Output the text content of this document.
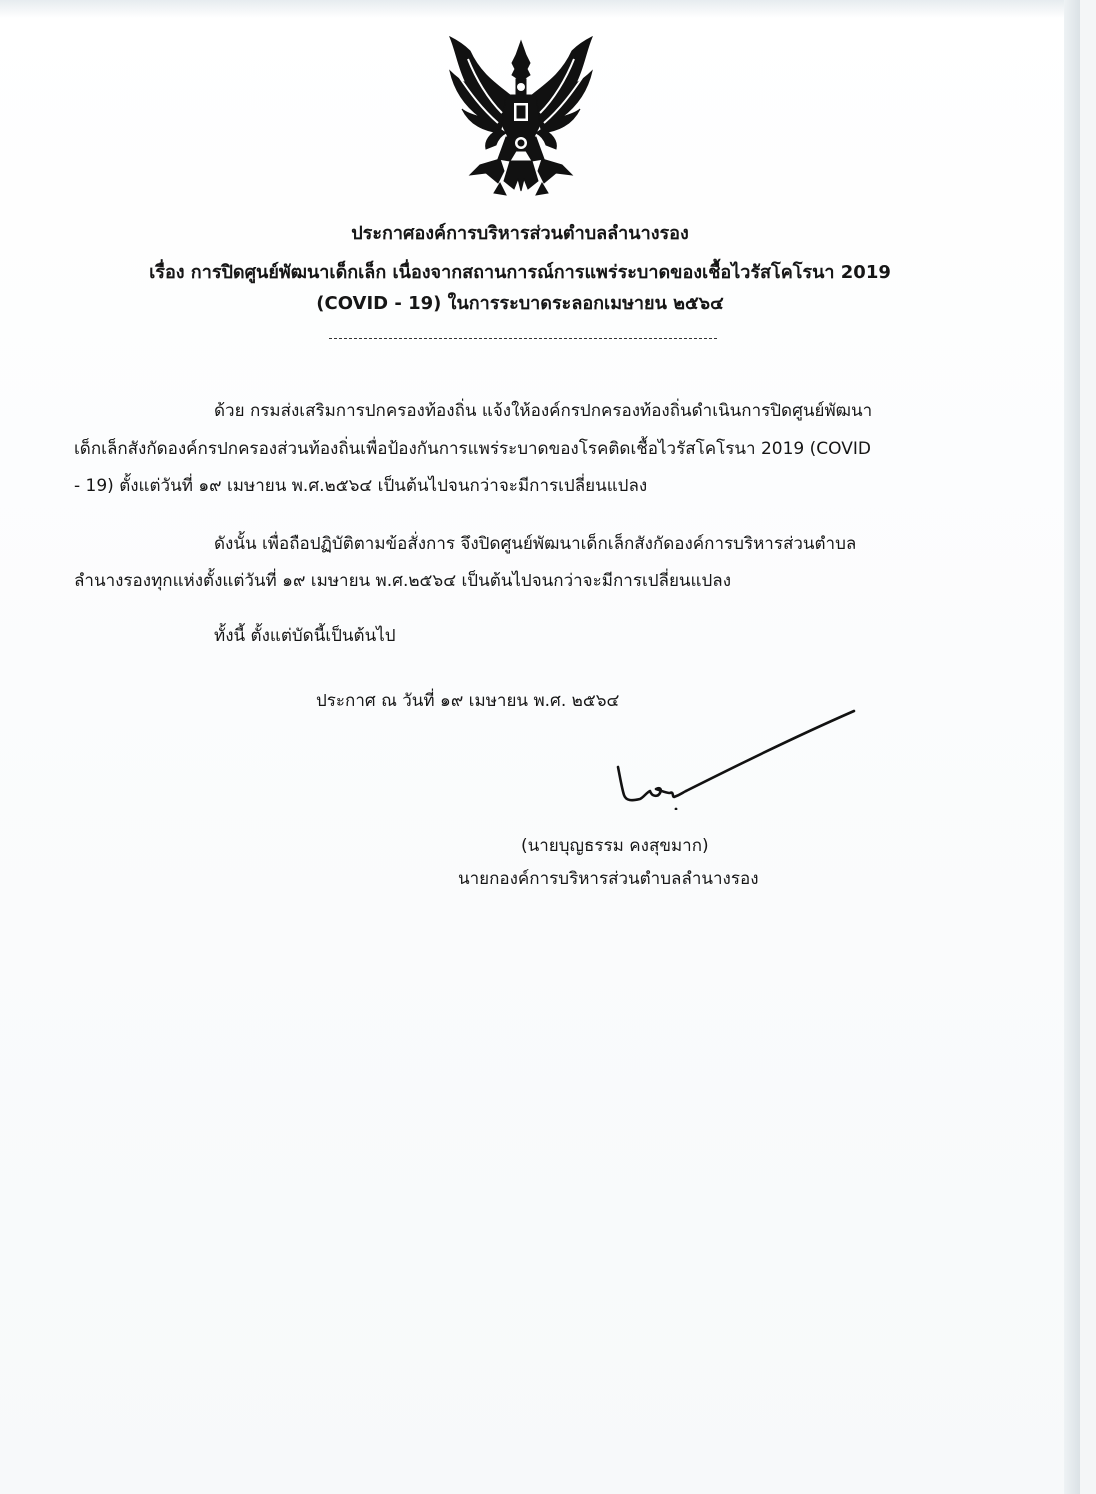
ประกาศองค์การบริหารส่วนตำบลลำนางรอง
เรื่อง การปิดศูนย์พัฒนาเด็กเล็ก เนื่องจากสถานการณ์การแพร่ระบาดของเชื้อไวรัสโคโรนา 2019
(COVID - 19) ในการระบาดระลอกเมษายน ๒๕๖๔
ด้วย กรมส่งเสริมการปกครองท้องถิ่น แจ้งให้องค์กรปกครองท้องถิ่นดำเนินการปิดศูนย์พัฒนา
เด็กเล็กสังกัดองค์กรปกครองส่วนท้องถิ่นเพื่อป้องกันการแพร่ระบาดของโรคติดเชื้อไวรัสโคโรนา 2019 (COVID
- 19) ตั้งแต่วันที่ ๑๙ เมษายน พ.ศ.๒๕๖๔ เป็นต้นไปจนกว่าจะมีการเปลี่ยนแปลง
ดังนั้น เพื่อถือปฏิบัติตามข้อสั่งการ จึงปิดศูนย์พัฒนาเด็กเล็กสังกัดองค์การบริหารส่วนตำบล
ลำนางรองทุกแห่งตั้งแต่วันที่ ๑๙ เมษายน พ.ศ.๒๕๖๔ เป็นต้นไปจนกว่าจะมีการเปลี่ยนแปลง
ทั้งนี้ ตั้งแต่บัดนี้เป็นต้นไป
ประกาศ ณ วันที่ ๑๙ เมษายน พ.ศ. ๒๕๖๔
(นายบุญธรรม คงสุขมาก)
นายกองค์การบริหารส่วนตำบลลำนางรอง
